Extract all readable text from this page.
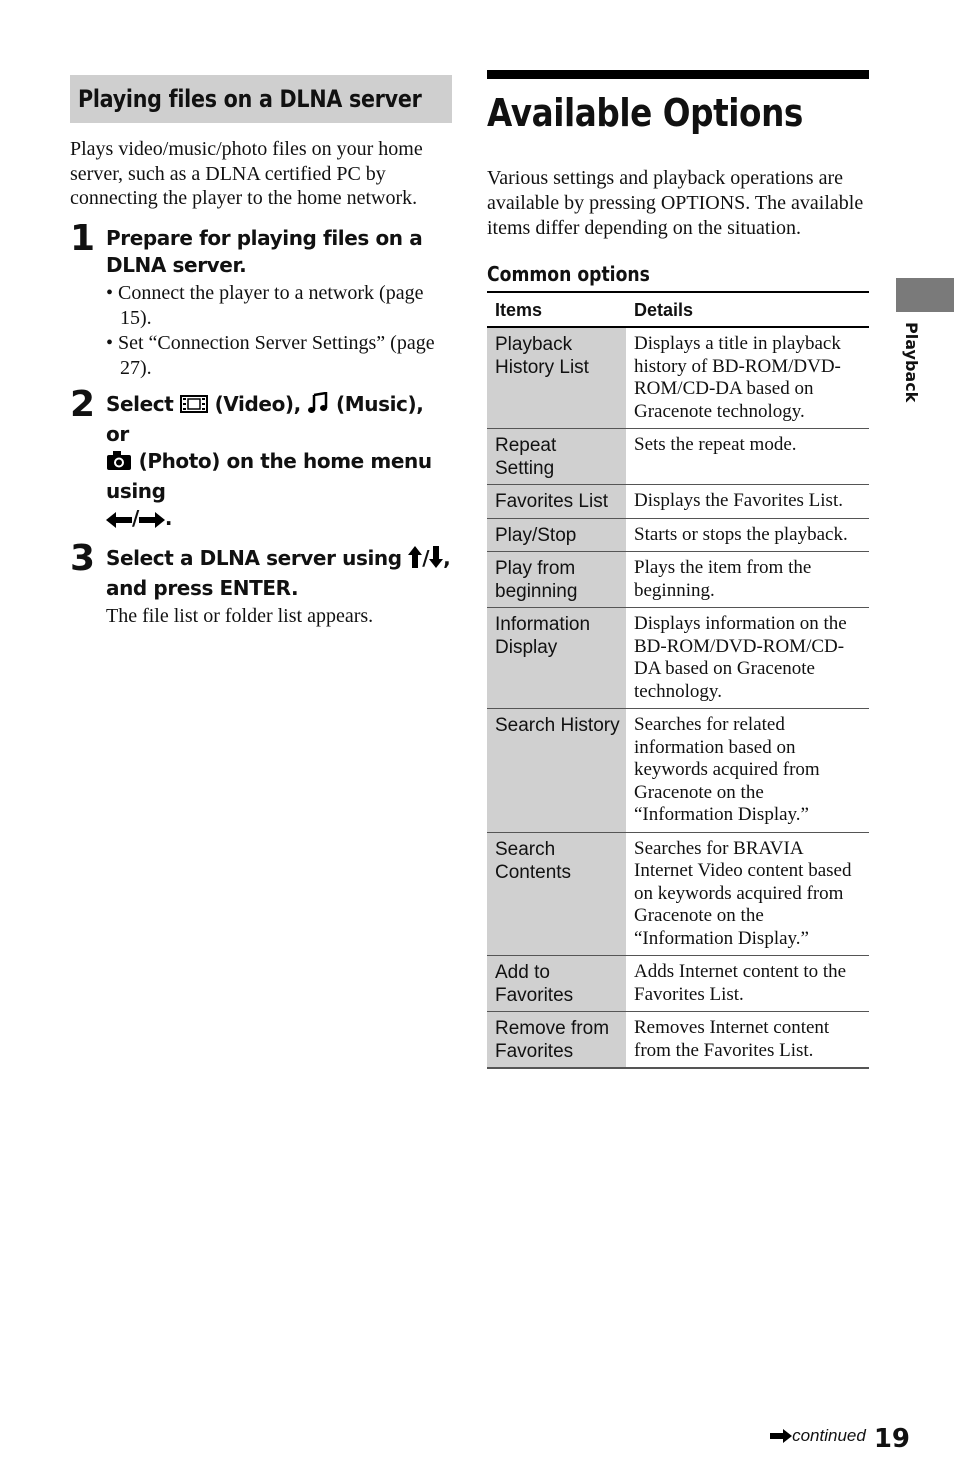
Playing files on a DLNA server

Plays video/music/photo files on your home server, such as a DLNA certified PC by connecting the player to the home network.

1 Prepare for playing files on a DLNA server.
• Connect the player to a network (page 15).
• Set “Connection Server Settings” (page 27).
2 Select (Video), (Music), or
(Photo) on the home menu using
/ .
3 Select a DLNA server using / , and press ENTER.
The file list or folder list appears.
Available Options

Various settings and playback operations are available by pressing OPTIONS. The available items differ depending on the situation.

Common options
Items	Details
Playback History List	Displays a title in playback history of BD-ROM/DVD-ROM/CD-DA based on Gracenote technology.
Repeat Setting	Sets the repeat mode.
Favorites List	Displays the Favorites List.
Play/Stop	Starts or stops the playback.
Play from beginning	Plays the item from the beginning.
Information Display	Displays information on the BD-ROM/DVD-ROM/CD-DA based on Gracenote technology.
Search History	Searches for related information based on keywords acquired from Gracenote on the “Information Display.”
Search Contents	Searches for BRAVIA Internet Video content based on keywords acquired from Gracenote on the “Information Display.”
Add to Favorites	Adds Internet content to the Favorites List.
Remove from Favorites	Removes Internet content from the Favorites List.
Playback
continued 19
